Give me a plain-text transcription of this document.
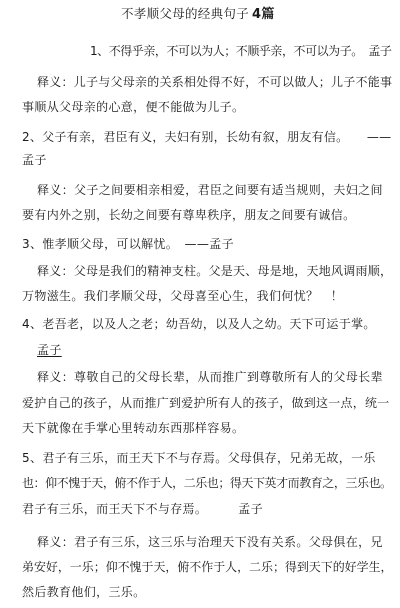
不孝顺父母的经典句子 4篇
1、不得乎亲，不可以为人；不顺乎亲，不可以为子。　孟子
释义：儿子与父母亲的关系相处得不好，不可以做人；儿子不能事
事顺从父母亲的心意，便不能做为儿子。
2、父子有亲，君臣有义，夫妇有别，长幼有叙，朋友有信。　　——
孟子
释义：父子之间要相亲相爱，君臣之间要有适当规则，夫妇之间
要有内外之别，长幼之间要有尊卑秩序，朋友之间要有诚信。
3、惟孝顺父母，可以解忧。　——孟子
释义：父母是我们的精神支柱。父是天、母是地，天地风调雨顺，
万物滋生。我们孝顺父母，父母喜至心生，我们何忧？　！
4、老吾老，以及人之老；幼吾幼，以及人之幼。天下可运于掌。
孟子
释义：尊敬自己的父母长辈，从而推广到尊敬所有人的父母长辈
爱护自己的孩子，从而推广到爱护所有人的孩子，做到这一点，统一
天下就像在手掌心里转动东西那样容易。
5、君子有三乐，而王天下不与存焉。父母俱存，兄弟无故，一乐
也：仰不愧于天，俯不作于人，二乐也；得天下英才而教育之，三乐也。
君子有三乐，而王天下不与存焉。　　　孟子
释义：君子有三乐，这三乐与治理天下没有关系。父母俱在，兄
弟安好，一乐；仰不愧于天，俯不作于人，二乐；得到天下的好学生，
然后教育他们，三乐。
